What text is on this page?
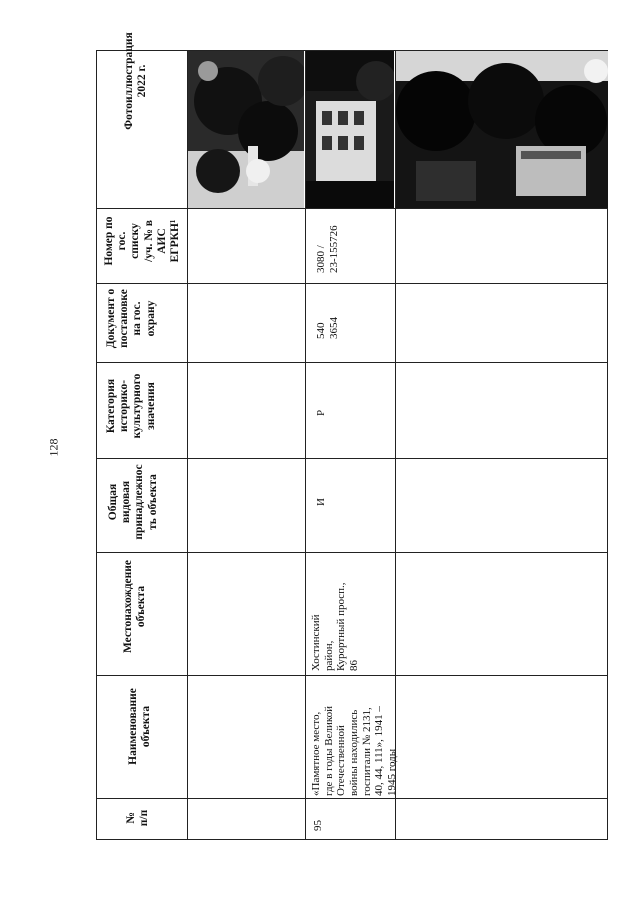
128
Фотоиллюстрация
2022 г.
Номер по
гос.
списку
/уч. № в
АИС
ЕГРКН¹
Документ о
постановке
на гос.
охрану
Категория
историко-
культурного
значения
Общая
видовая
принадлежнос
ть объекта
Местонахождение
объекта
Наименование
объекта
№
п/п	95
«Памятное место,
где в годы Великой
Отечественной
войны находились
госпитали № 2131,
40, 44, 111», 1941 –
1945 годы
Хостинский
район,
Курортный просп.,
86
И
Р
540
3654
3080 /
23-155726
